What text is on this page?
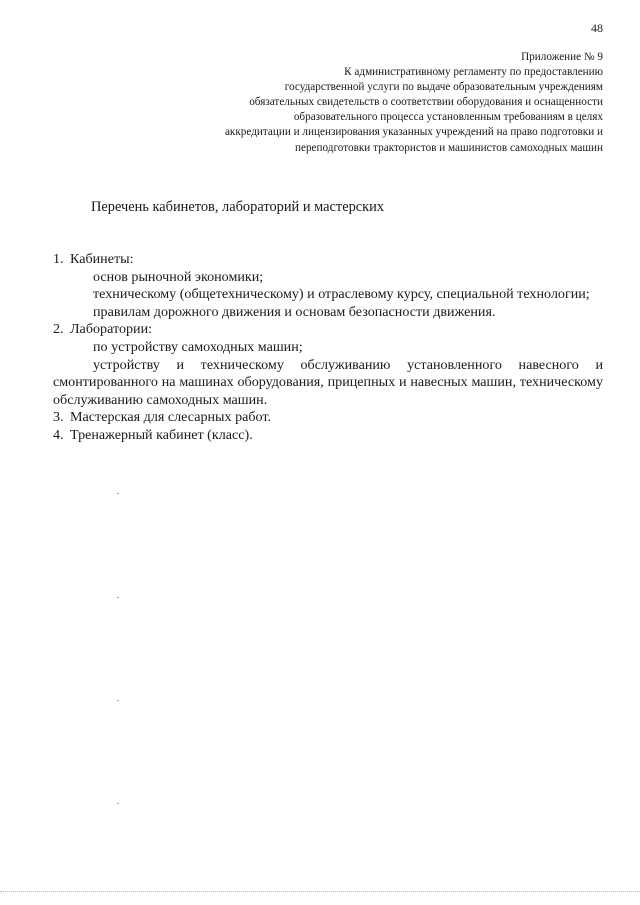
48
Приложение № 9
К административному регламенту по предоставлению
государственной услуги по выдаче образовательным учреждениям
обязательных свидетельств о соответствии оборудования и оснащенности
образовательного процесса установленным требованиям в целях
аккредитации и лицензирования указанных учреждений на право подготовки и
переподготовки трактористов и машинистов самоходных машин
Перечень кабинетов, лабораторий и мастерских
1. Кабинеты:
основ рыночной экономики;
техническому (общетехническому) и отраслевому курсу, специальной технологии;
правилам дорожного движения и основам безопасности движения.
2. Лаборатории:
по устройству самоходных машин;
устройству и техническому обслуживанию установленного навесного и смонтированного на машинах оборудования, прицепных и навесных машин, техническому обслуживанию самоходных машин.
3. Мастерская для слесарных работ.
4. Тренажерный кабинет (класс).
